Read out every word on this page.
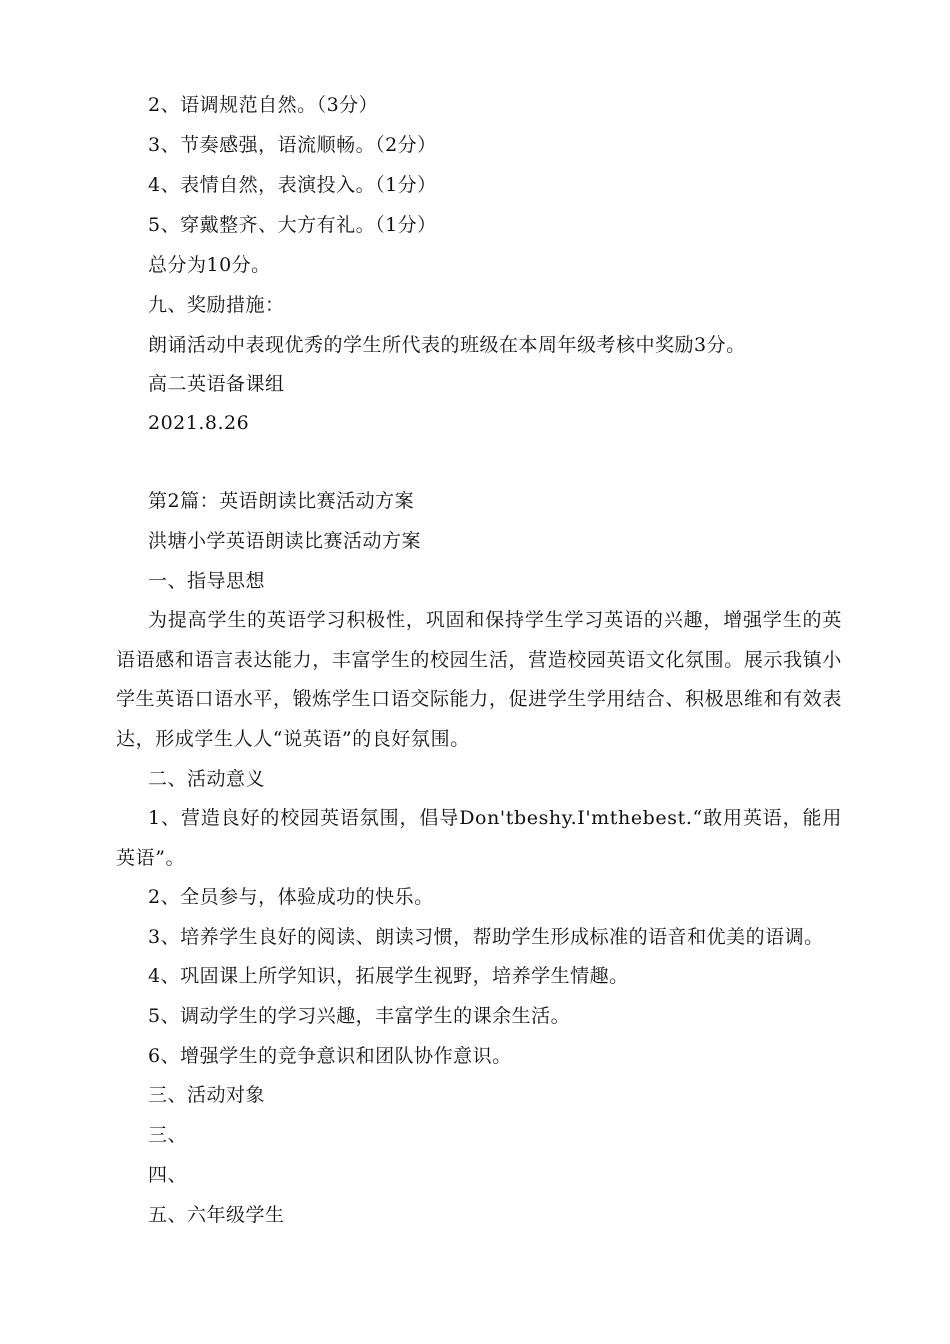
2、语调规范自然。（3分）
3、节奏感强，语流顺畅。（2分）
4、表情自然，表演投入。（1分）
5、穿戴整齐、大方有礼。（1分）
总分为10分。
九、奖励措施：
朗诵活动中表现优秀的学生所代表的班级在本周年级考核中奖励3分。
高二英语备课组
2021.8.26
第2篇：英语朗读比赛活动方案
洪塘小学英语朗读比赛活动方案
一、指导思想
为提高学生的英语学习积极性，巩固和保持学生学习英语的兴趣，增强学生的英语语感和语言表达能力，丰富学生的校园生活，营造校园英语文化氛围。展示我镇小学生英语口语水平，锻炼学生口语交际能力，促进学生学用结合、积极思维和有效表达，形成学生人人“说英语”的良好氛围。
二、活动意义
1、营造良好的校园英语氛围，倡导Don'tbeshy.I'mthebest.“敢用英语，能用英语”。
2、全员参与，体验成功的快乐。
3、培养学生良好的阅读、朗读习惯，帮助学生形成标准的语音和优美的语调。
4、巩固课上所学知识，拓展学生视野，培养学生情趣。
5、调动学生的学习兴趣，丰富学生的课余生活。
6、增强学生的竞争意识和团队协作意识。
三、活动对象
三、
四、
五、六年级学生
